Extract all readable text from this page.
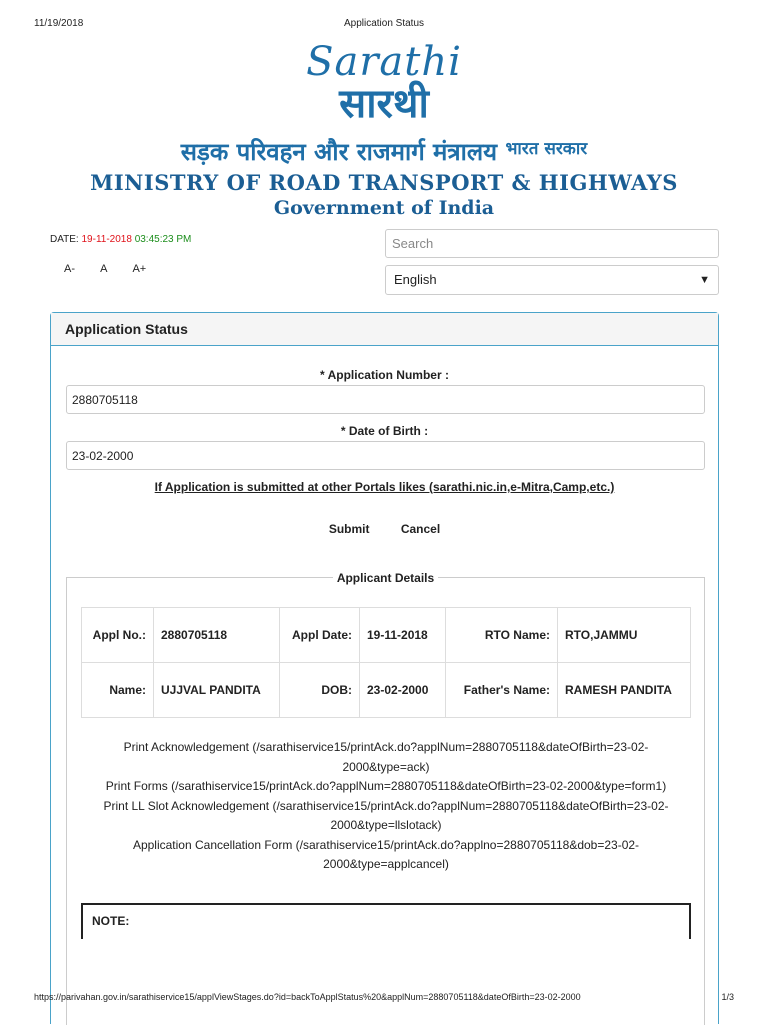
11/19/2018	Application Status
Sarathi
सारथी
सड़क परिवहन और राजमार्ग मंत्रालय $^{भारत सरकार}$
MINISTRY OF ROAD TRANSPORT & HIGHWAYS
Government of India
DATE: 19-11-2018 03:45:23 PM
A- A A+
Search
English	▼
Application Status
* Application Number :
2880705118
* Date of Birth :
23-02-2000
If Application is submitted at other Portals likes (sarathi.nic.in,e-Mitra,Camp,etc.)
Submit	Cancel
Applicant Details
Appl No.:	2880705118	Appl Date:	19-11-2018	RTO Name:	RTO,JAMMU
Name:	UJJVAL PANDITA	DOB:	23-02-2000	Father's Name:	RAMESH PANDITA
Print Acknowledgement (/sarathiservice15/printAck.do?applNum=2880705118&dateOfBirth=23-02-2000&type=ack)
Print Forms (/sarathiservice15/printAck.do?applNum=2880705118&dateOfBirth=23-02-2000&type=form1)
Print LL Slot Acknowledgement (/sarathiservice15/printAck.do?applNum=2880705118&dateOfBirth=23-02-2000&type=llslotack)
Application Cancellation Form (/sarathiservice15/printAck.do?applno=2880705118&dob=23-02-2000&type=applcancel)
NOTE:
https://parivahan.gov.in/sarathiservice15/applViewStages.do?id=backToApplStatus%20&applNum=2880705118&dateOfBirth=23-02-2000	1/3
